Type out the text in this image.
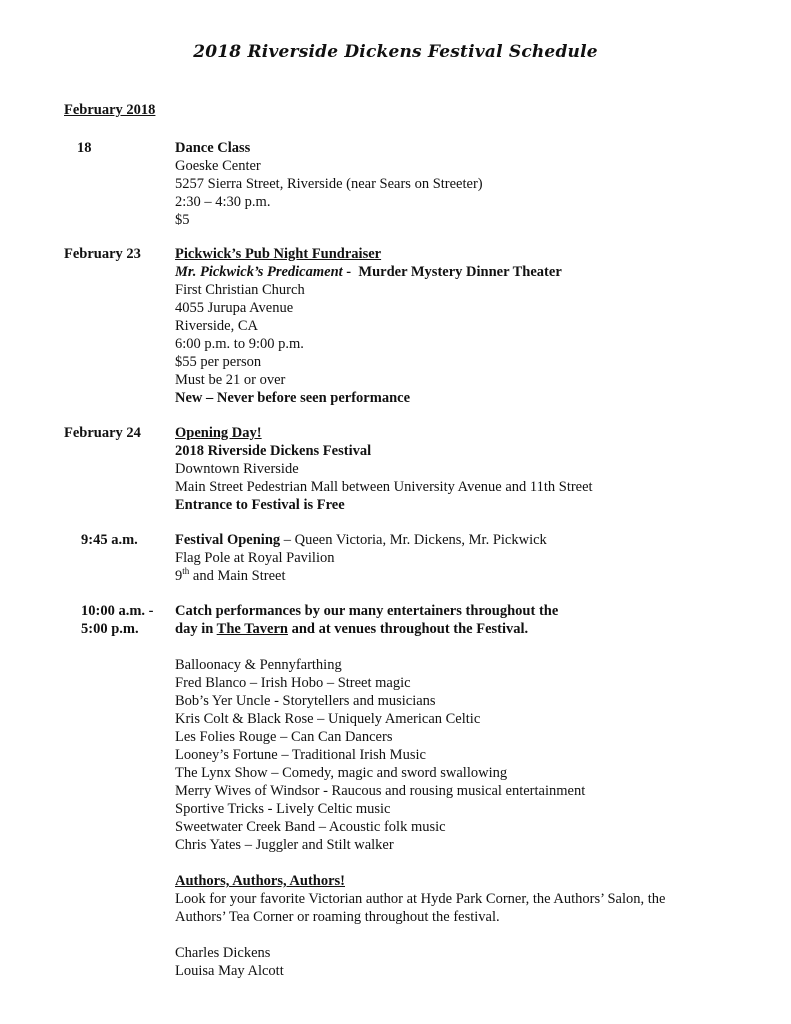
2018 Riverside Dickens Festival Schedule
February 2018
18	Dance Class
Goeske Center
5257 Sierra Street, Riverside (near Sears on Streeter)
2:30 – 4:30 p.m.
$5
February 23 Pickwick’s Pub Night Fundraiser
Mr. Pickwick’s Predicament -  Murder Mystery Dinner Theater
First Christian Church
4055 Jurupa Avenue
Riverside, CA
6:00 p.m. to 9:00 p.m.
$55 per person
Must be 21 or over
New – Never before seen performance
February 24 Opening Day!
2018 Riverside Dickens Festival
Downtown Riverside
Main Street Pedestrian Mall between University Avenue and 11th Street
Entrance to Festival is Free
9:45 a.m.	Festival Opening – Queen Victoria, Mr. Dickens, Mr. Pickwick
Flag Pole at Royal Pavilion
9th and Main Street
10:00 a.m. -
5:00 p.m.
Catch performances by our many entertainers throughout the
day in The Tavern and at venues throughout the Festival.
Balloonacy & Pennyfarthing
Fred Blanco – Irish Hobo – Street magic
Bob’s Yer Uncle - Storytellers and musicians
Kris Colt & Black Rose – Uniquely American Celtic
Les Folies Rouge – Can Can Dancers
Looney’s Fortune – Traditional Irish Music
The Lynx Show – Comedy, magic and sword swallowing
Merry Wives of Windsor - Raucous and rousing musical entertainment
Sportive Tricks - Lively Celtic music
Sweetwater Creek Band – Acoustic folk music
Chris Yates – Juggler and Stilt walker
Authors, Authors, Authors!
Look for your favorite Victorian author at Hyde Park Corner, the Authors’ Salon, the Authors’ Tea Corner or roaming throughout the festival.
Charles Dickens
Louisa May Alcott
